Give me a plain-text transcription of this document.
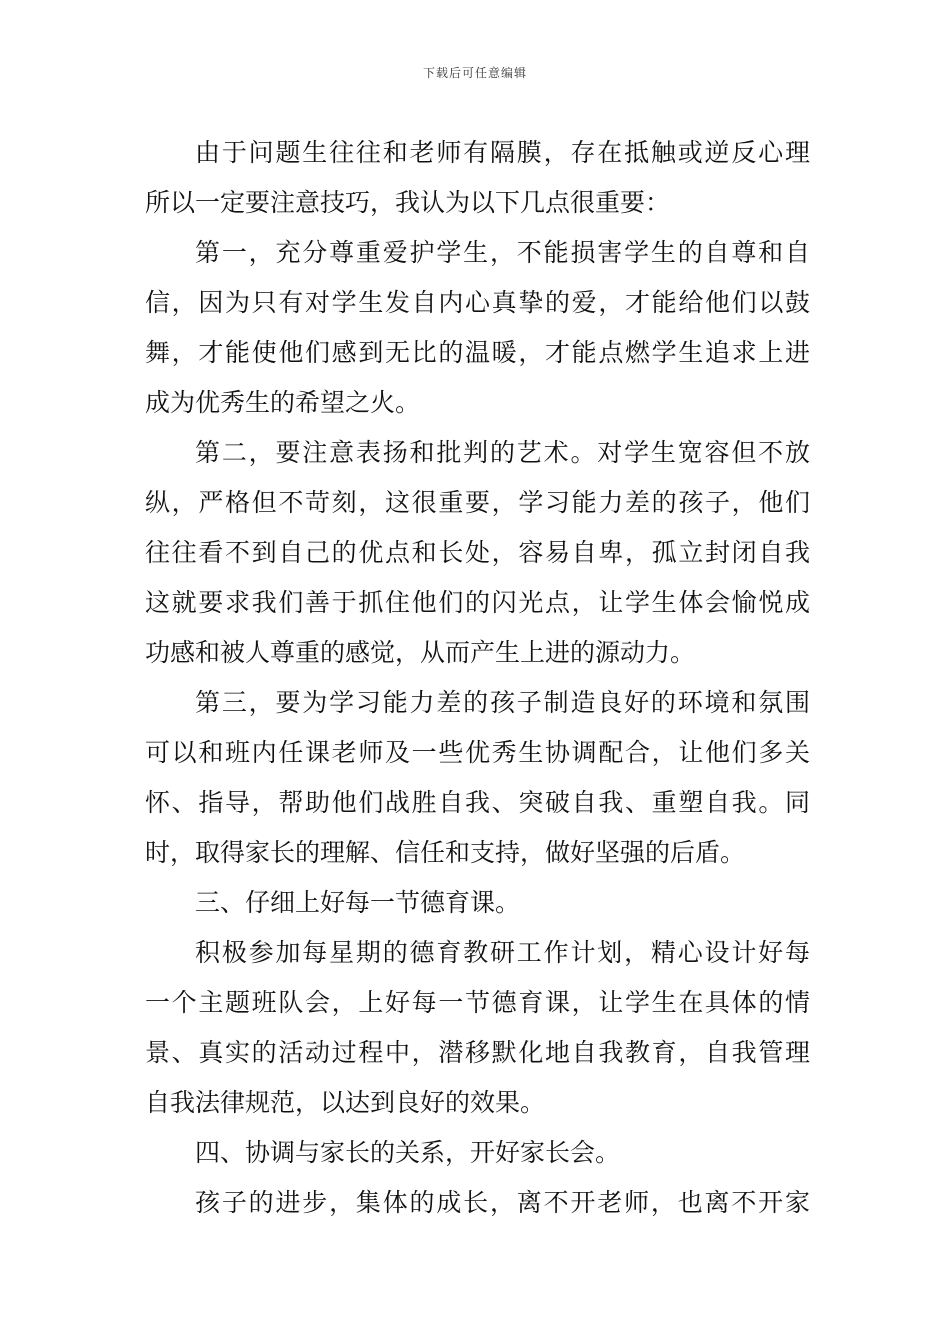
下载后可任意编辑
由于问题生往往和老师有隔膜，存在抵触或逆反心理
所以一定要注意技巧，我认为以下几点很重要：
第一，充分尊重爱护学生，不能损害学生的自尊和自
信，因为只有对学生发自内心真挚的爱，才能给他们以鼓
舞，才能使他们感到无比的温暖，才能点燃学生追求上进
成为优秀生的希望之火。
第二，要注意表扬和批判的艺术。对学生宽容但不放
纵，严格但不苛刻，这很重要，学习能力差的孩子，他们
往往看不到自己的优点和长处，容易自卑，孤立封闭自我
这就要求我们善于抓住他们的闪光点，让学生体会愉悦成
功感和被人尊重的感觉，从而产生上进的源动力。
第三，要为学习能力差的孩子制造良好的环境和氛围
可以和班内任课老师及一些优秀生协调配合，让他们多关
怀、指导，帮助他们战胜自我、突破自我、重塑自我。同
时，取得家长的理解、信任和支持，做好坚强的后盾。
三、仔细上好每一节德育课。
积极参加每星期的德育教研工作计划，精心设计好每
一个主题班队会，上好每一节德育课，让学生在具体的情
景、真实的活动过程中，潜移默化地自我教育，自我管理
自我法律规范，以达到良好的效果。
四、协调与家长的关系，开好家长会。
孩子的进步，集体的成长，离不开老师，也离不开家
